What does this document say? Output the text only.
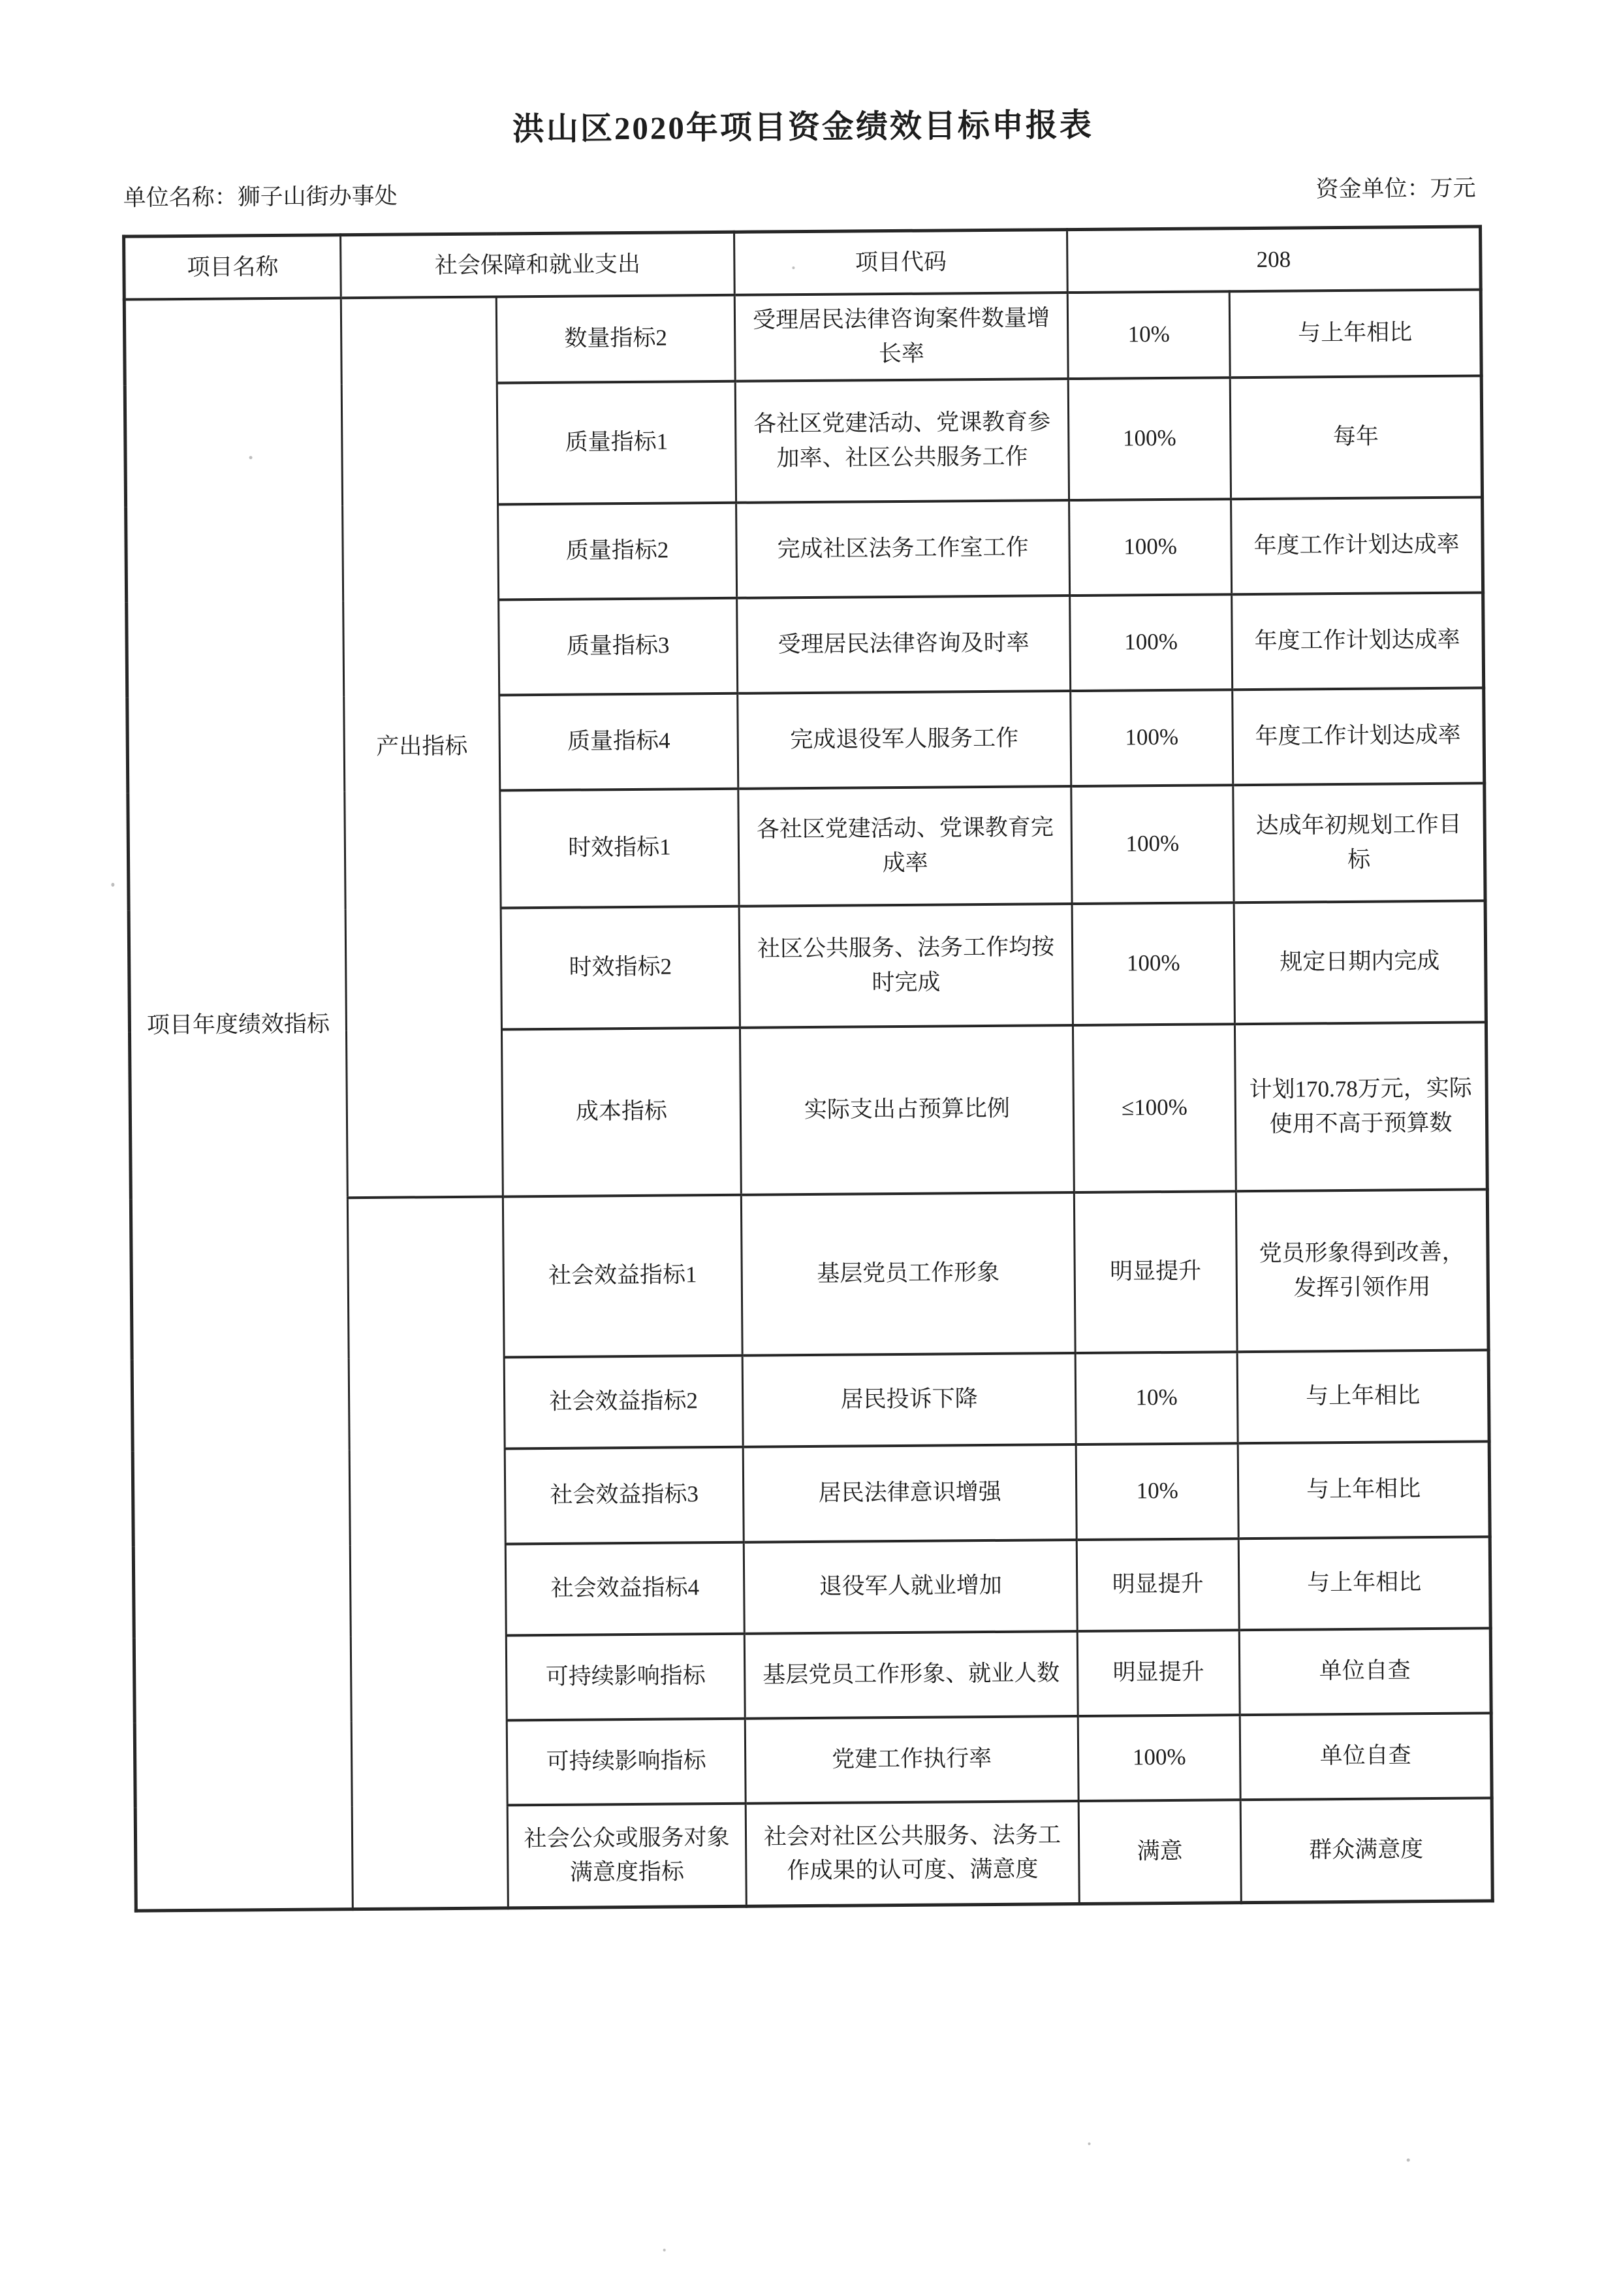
洪山区2020年项目资金绩效目标申报表
单位名称：狮子山街办事处	资金单位：万元
项目名称	社会保障和就业支出		项目代码	208	
项目年度绩效指标	产出指标	数量指标2	受理居民法律咨询案件数量增长率	10%	与上年相比
		质量指标1	各社区党建活动、党课教育参加率、社区公共服务工作	100%	每年
		质量指标2	完成社区法务工作室工作	100%	年度工作计划达成率
		质量指标3	受理居民法律咨询及时率	100%	年度工作计划达成率
		质量指标4	完成退役军人服务工作	100%	年度工作计划达成率
		时效指标1	各社区党建活动、党课教育完成率	100%	达成年初规划工作目标
		时效指标2	社区公共服务、法务工作均按时完成	100%	规定日期内完成
		成本指标	实际支出占预算比例	≤100%	计划170.78万元，实际使用不高于预算数
		社会效益指标1	基层党员工作形象	明显提升	党员形象得到改善，发挥引领作用
		社会效益指标2	居民投诉下降	10%	与上年相比
		社会效益指标3	居民法律意识增强	10%	与上年相比
		社会效益指标4	退役军人就业增加	明显提升	与上年相比
		可持续影响指标	基层党员工作形象、就业人数	明显提升	单位自查
		可持续影响指标	党建工作执行率	100%	单位自查
		社会公众或服务对象满意度指标	社会对社区公共服务、法务工作成果的认可度、满意度	满意	群众满意度
